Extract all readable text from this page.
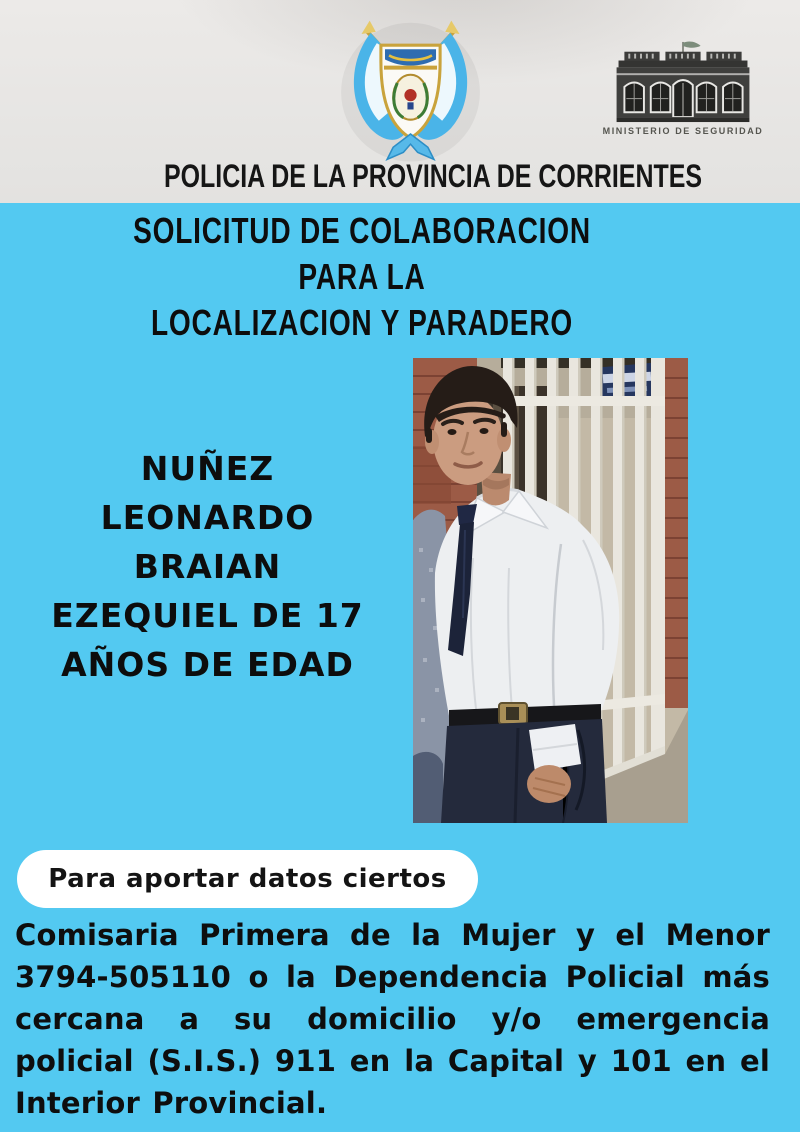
MINISTERIO DE SEGURIDAD
POLICIA DE LA PROVINCIA DE CORRIENTES
SOLICITUD DE COLABORACION
PARA LA
LOCALIZACION Y PARADERO
NUÑEZ
LEONARDO
BRAIAN
EZEQUIEL DE 17
AÑOS DE EDAD
Para aportar datos ciertos

Comisaria Primera de la Mujer y el Menor 3794-505110 o la Dependencia Policial más cercana a su domicilio y/o emergencia policial (S.I.S.) 911 en la Capital y 101 en el Interior Provincial.
